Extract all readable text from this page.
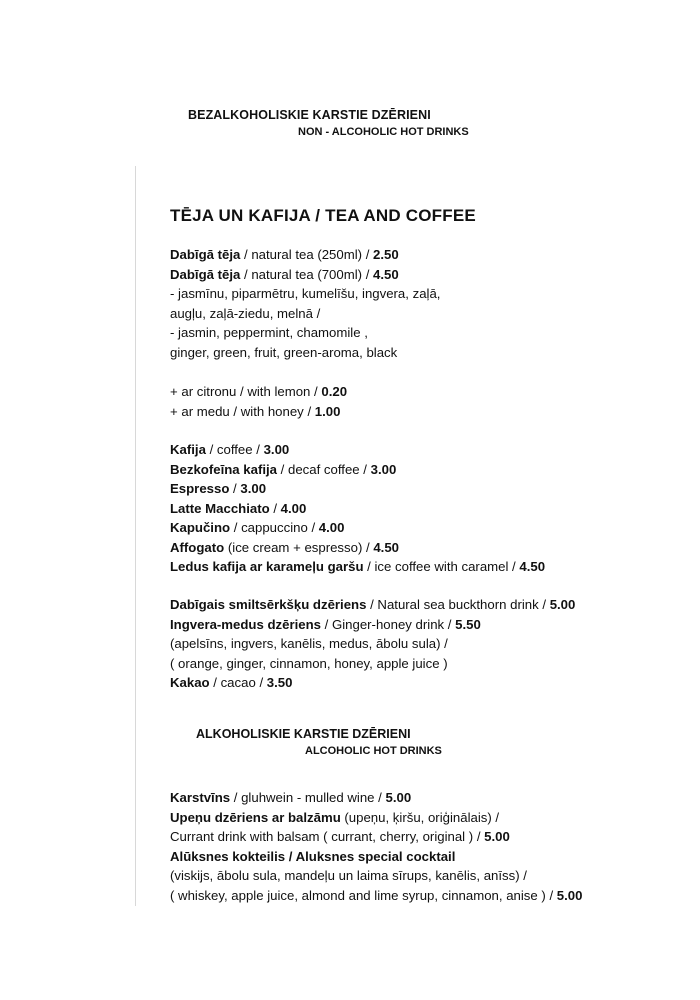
BEZALKOHOLISKIE KARSTIE DZĒRIENI
NON - ALCOHOLIC HOT DRINKS
TĒJA UN KAFIJA / TEA AND COFFEE
Dabīgā tēja / natural tea (250ml) / 2.50
Dabīgā tēja / natural tea (700ml) / 4.50
- jasmīnu, piparmētru, kumelīšu, ingvera, zaļā,
augļu, zaļā-ziedu, melnā /
- jasmin, peppermint, chamomile ,
ginger, green, fruit, green-aroma, black
+ ar citronu / with lemon / 0.20
+ ar medu / with honey / 1.00
Kafija / coffee / 3.00
Bezkofeīna kafija / decaf coffee / 3.00
Espresso / 3.00
Latte Macchiato / 4.00
Kapučino / cappuccino / 4.00
Affogato (ice cream + espresso) / 4.50
Ledus kafija ar karameļu garšu / ice coffee with caramel / 4.50
Dabīgais smiltsērkšķu dzēriens / Natural sea buckthorn drink / 5.00
Ingvera-medus dzēriens / Ginger-honey drink / 5.50
(apelsīns, ingvers, kanēlis, medus, ābolu sula) /
( orange, ginger, cinnamon, honey, apple juice )
Kakao / cacao / 3.50
ALKOHOLISKIE KARSTIE DZĒRIENI
ALCOHOLIC HOT DRINKS
Karstvīns / gluhwein - mulled wine / 5.00
Upeņu dzēriens ar balzāmu (upeņu, ķiršu, oriģinālais) /
Currant drink with balsam ( currant, cherry, original ) / 5.00
Alūksnes kokteilis / Aluksnes special cocktail
(viskijs, ābolu sula, mandeļu un laima sīrups, kanēlis, anīss) /
( whiskey, apple juice, almond and lime syrup, cinnamon, anise ) / 5.00
